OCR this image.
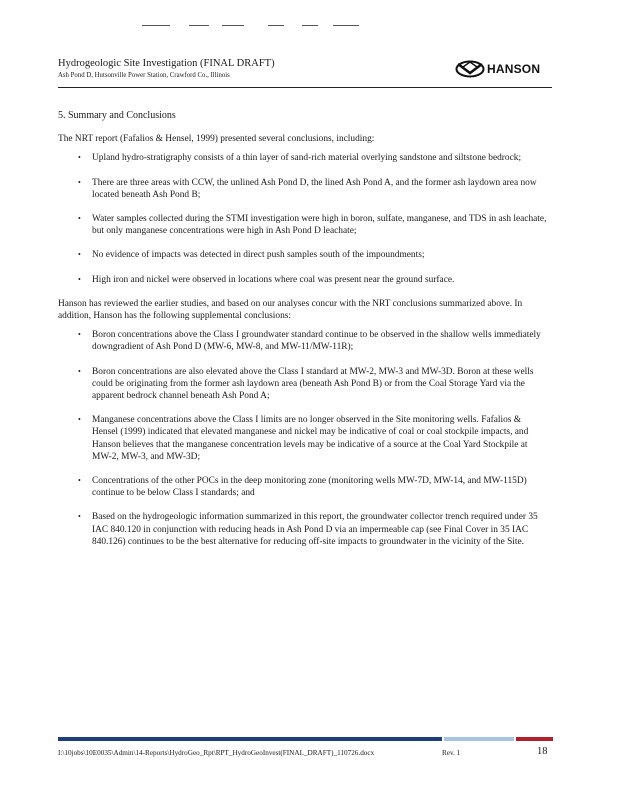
Hydrogeologic Site Investigation (FINAL DRAFT)
Ash Pond D, Hutsonville Power Station, Crawford Co., Illinois	HANSON
5. Summary and Conclusions

The NRT report (Fafalios & Hensel, 1999) presented several conclusions, including:

• Upland hydro-stratigraphy consists of a thin layer of sand-rich material overlying sandstone and siltstone bedrock;
• There are three areas with CCW, the unlined Ash Pond D, the lined Ash Pond A, and the former ash laydown area now located beneath Ash Pond B;
• Water samples collected during the STMI investigation were high in boron, sulfate, manganese, and TDS in ash leachate, but only manganese concentrations were high in Ash Pond D leachate;
• No evidence of impacts was detected in direct push samples south of the impoundments;
• High iron and nickel were observed in locations where coal was present near the ground surface.

Hanson has reviewed the earlier studies, and based on our analyses concur with the NRT conclusions summarized above. In addition, Hanson has the following supplemental conclusions:

• Boron concentrations above the Class I groundwater standard continue to be observed in the shallow wells immediately downgradient of Ash Pond D (MW-6, MW-8, and MW-11/MW-11R);
• Boron concentrations are also elevated above the Class I standard at MW-2, MW-3 and MW-3D. Boron at these wells could be originating from the former ash laydown area (beneath Ash Pond B) or from the Coal Storage Yard via the apparent bedrock channel beneath Ash Pond A;
• Manganese concentrations above the Class I limits are no longer observed in the Site monitoring wells. Fafalios & Hensel (1999) indicated that elevated manganese and nickel may be indicative of coal or coal stockpile impacts, and Hanson believes that the manganese concentration levels may be indicative of a source at the Coal Yard Stockpile at MW-2, MW-3, and MW-3D;
• Concentrations of the other POCs in the deep monitoring zone (monitoring wells MW-7D, MW-14, and MW-115D) continue to be below Class I standards; and
• Based on the hydrogeologic information summarized in this report, the groundwater collector trench required under 35 IAC 840.120 in conjunction with reducing heads in Ash Pond D via an impermeable cap (see Final Cover in 35 IAC 840.126) continues to be the best alternative for reducing off-site impacts to groundwater in the vicinity of the Site.
I:\10jobs\10E0035\Admin\14-Reports\HydroGeo_Rpt\RPT_HydroGeoInvest(FINAL_DRAFT)_110726.docx	Rev. 1	18
